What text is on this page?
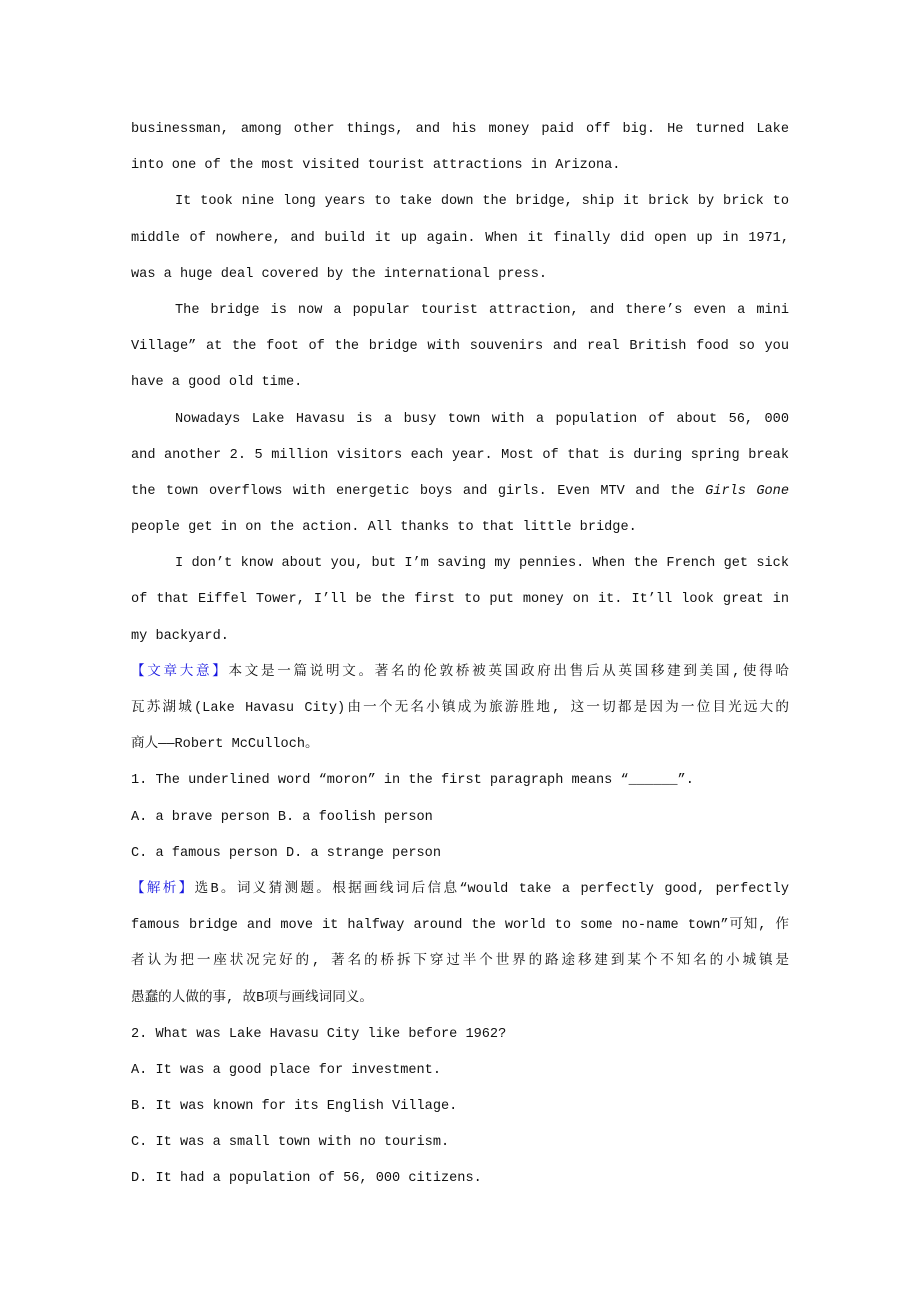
businessman, among other things, and his money paid off big. He turned Lake
into one of the most visited tourist attractions in Arizona.
It took nine long years to take down the bridge, ship it brick by brick to
middle of nowhere, and build it up again. When it finally did open up in 1971,
was a huge deal covered by the international press.
The bridge is now a popular tourist attraction, and there’s even a mini
Village” at the foot of the bridge with souvenirs and real British food so you
have a good old time.
Nowadays Lake Havasu is a busy town with a population of about 56, 000
and another 2. 5 million visitors each year. Most of that is during spring break
the town overflows with energetic boys and girls. Even MTV and the Girls Gone
people get in on the action. All thanks to that little bridge.
I don’t know about you, but I’m saving my pennies. When the French get sick
of that Eiffel Tower, I’ll be the first to put money on it. It’ll look great in
my backyard.
【文章大意】本文是一篇说明文。著名的伦敦桥被英国政府出售后从英国移建到美国,使得哈
瓦苏湖城(Lake Havasu City)由一个无名小镇成为旅游胜地, 这一切都是因为一位目光远大的
商人——Robert McCulloch。
1. The underlined word “moron” in the first paragraph means “______”.
A. a brave person B. a foolish person
C. a famous person D. a strange person
【解析】选B。词义猜测题。根据画线词后信息“would take a perfectly good, perfectly
famous bridge and move it halfway around the world to some no-name town”可知, 作
者认为把一座状况完好的, 著名的桥拆下穿过半个世界的路途移建到某个不知名的小城镇是
愚蠢的人做的事, 故B项与画线词同义。
2. What was Lake Havasu City like before 1962?
A. It was a good place for investment.
B. It was known for its English Village.
C. It was a small town with no tourism.
D. It had a population of 56, 000 citizens.
